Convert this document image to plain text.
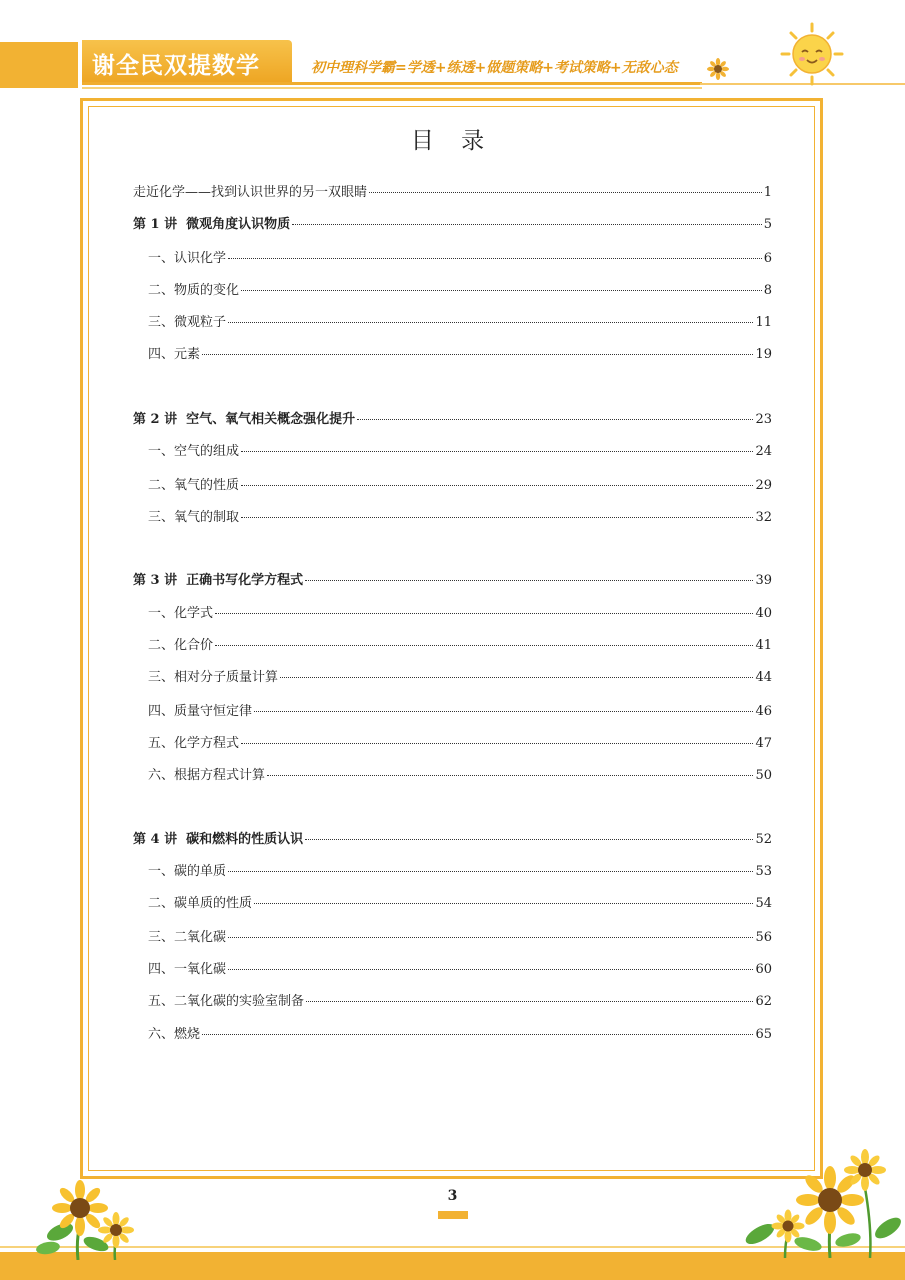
谢全民双提数学	初中理科学霸=学透+练透+做题策略+考试策略+无敌心态
目 录
走近化学——找到认识世界的另一双眼睛	1
第 1 讲  微观角度认识物质	5
一、认识化学	6
二、物质的变化	8
三、微观粒子	11
四、元素	19
第 2 讲  空气、氧气相关概念强化提升	23
一、空气的组成	24
二、氧气的性质	29
三、氧气的制取	32
第 3 讲  正确书写化学方程式	39
一、化学式	40
二、化合价	41
三、相对分子质量计算	44
四、质量守恒定律	46
五、化学方程式	47
六、根据方程式计算	50
第 4 讲  碳和燃料的性质认识	52
一、碳的单质	53
二、碳单质的性质	54
三、二氧化碳	56
四、一氧化碳	60
五、二氧化碳的实验室制备	62
六、燃烧	65
3
